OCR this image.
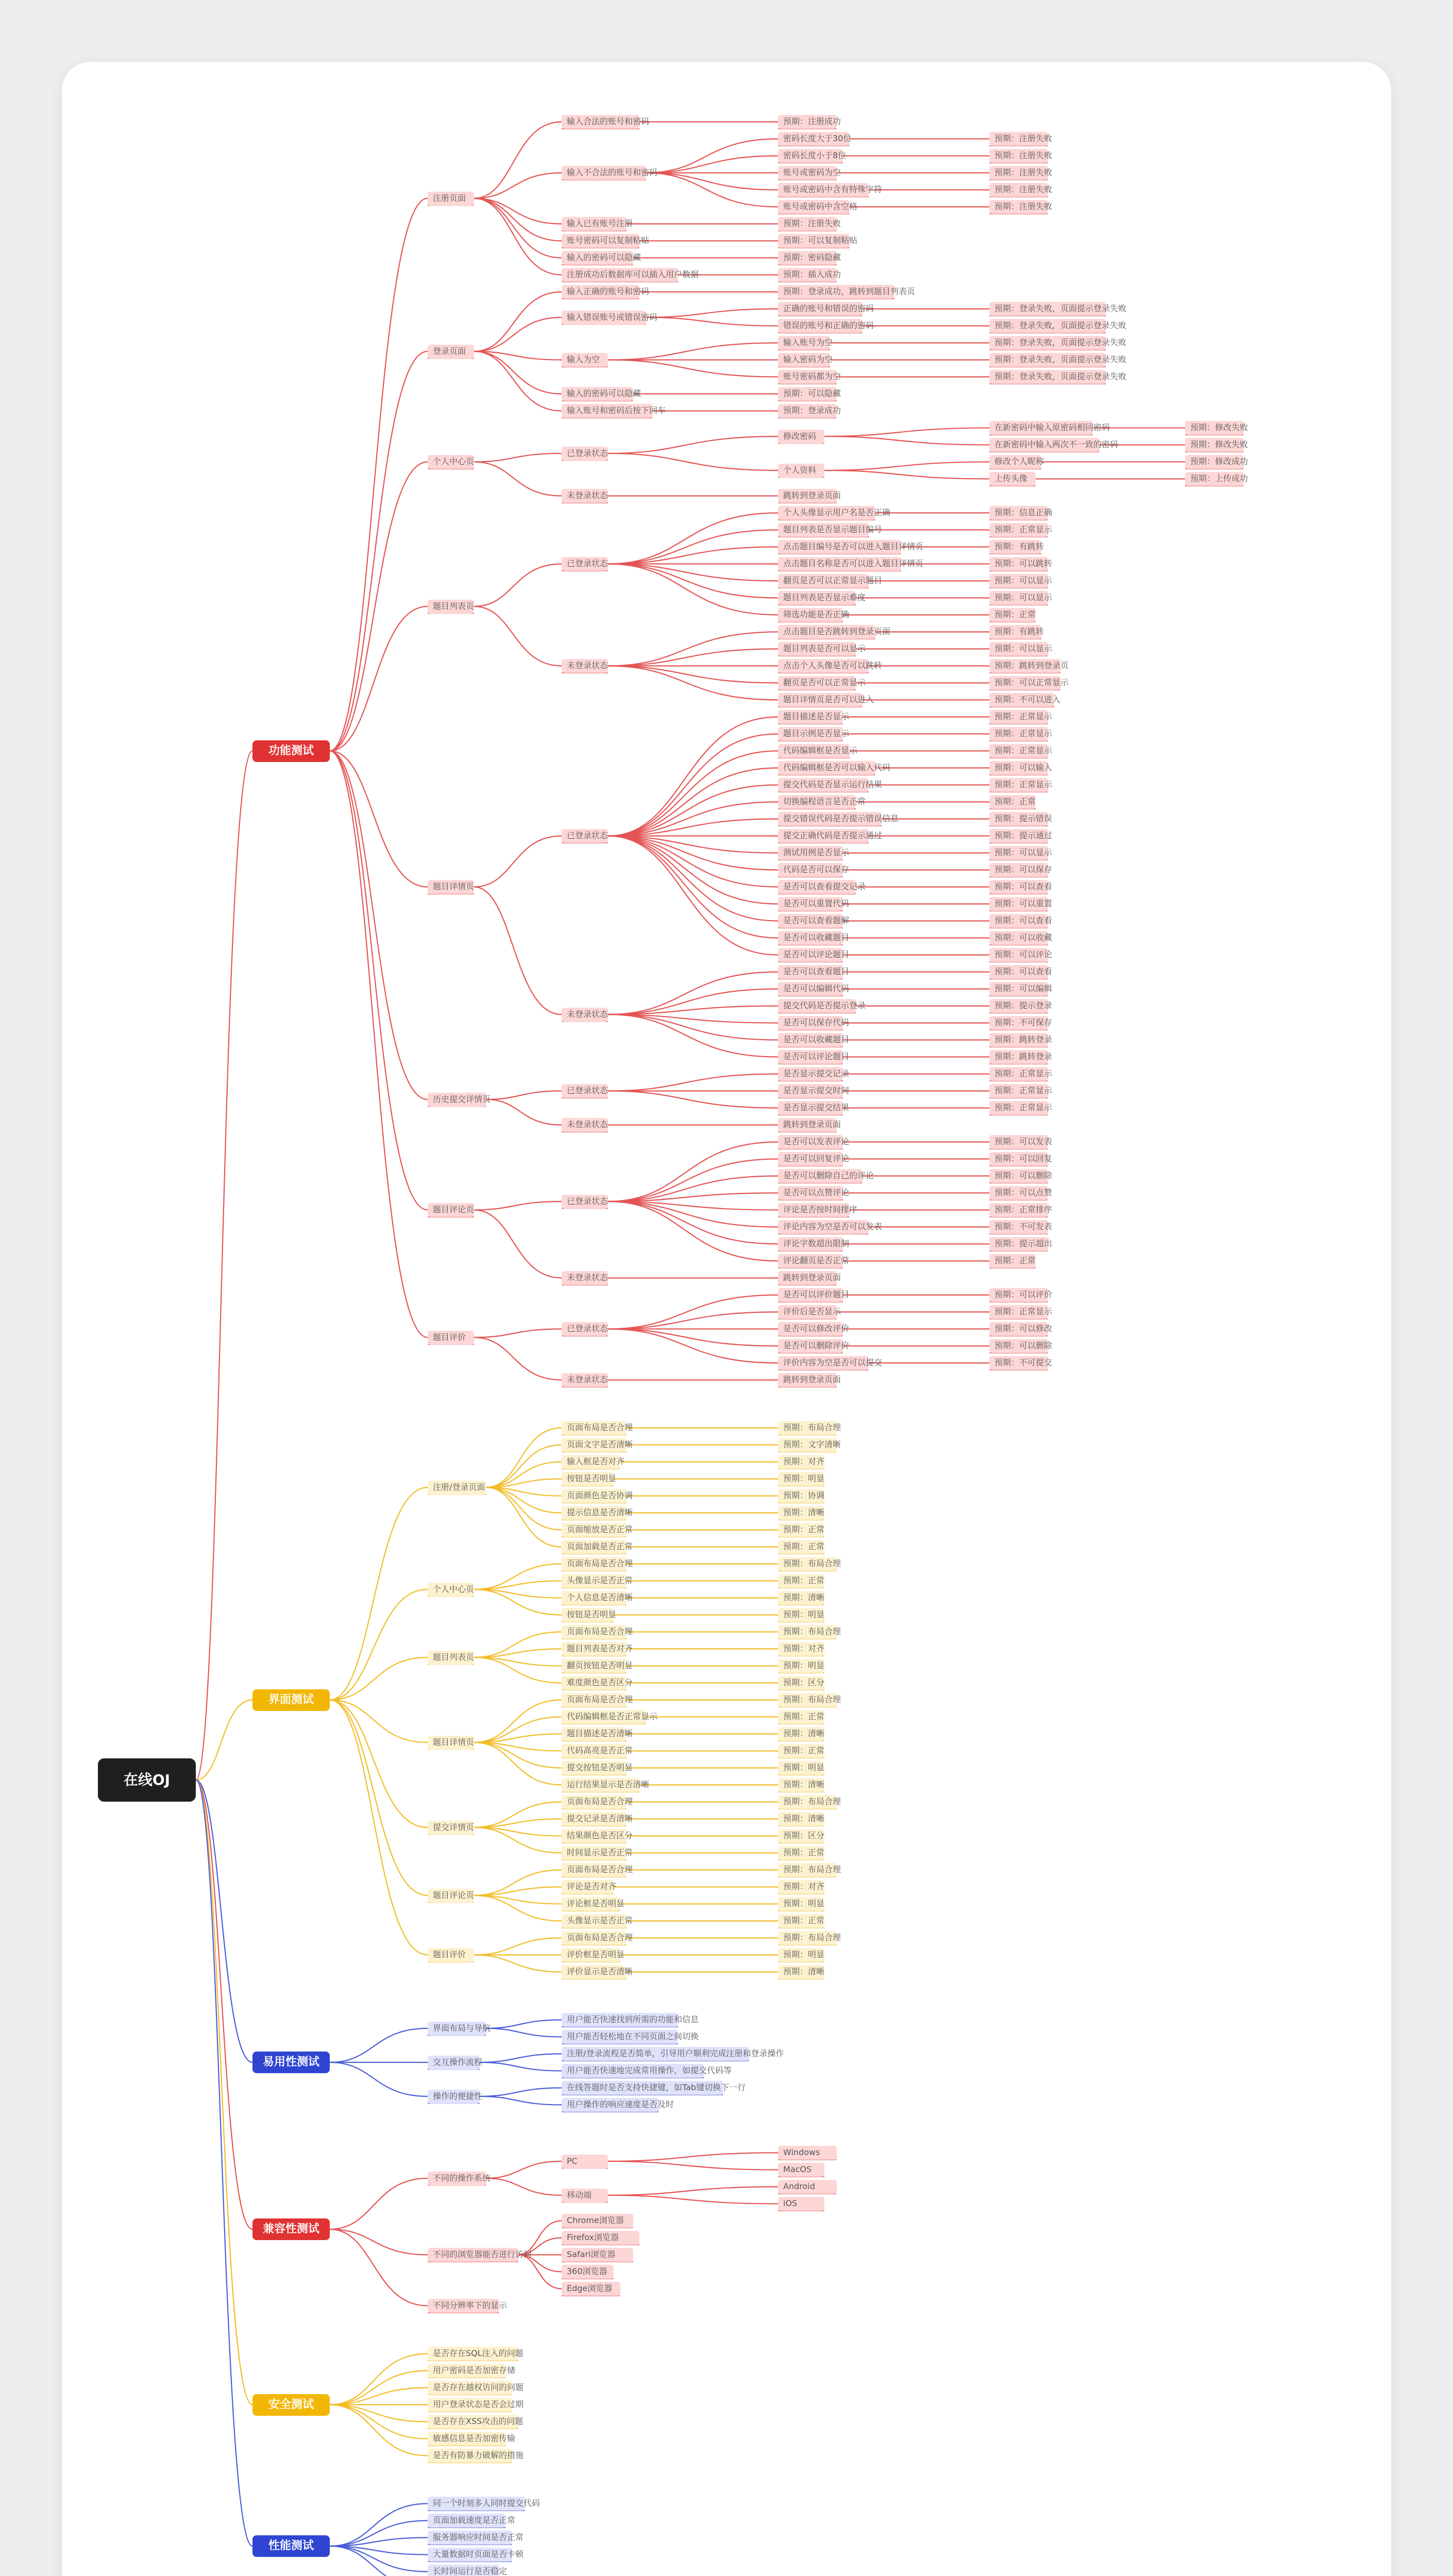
在线OJ
功能测试
注册页面
输入合法的账号和密码	预期：注册成功
输入不合法的账号和密码
密码长度大于30位	预期：注册失败
密码长度小于8位	预期：注册失败
账号或密码为空	预期：注册失败
账号或密码中含有特殊字符	预期：注册失败
账号或密码中含空格	预期：注册失败
输入已有账号注册	预期：注册失败
账号密码可以复制粘贴	预期：可以复制粘贴
输入的密码可以隐藏	预期：密码隐藏
注册成功后数据库可以插入用户数据	预期：插入成功
登录页面
输入正确的账号和密码	预期：登录成功，跳转到题目列表页
输入错误账号或错误密码
正确的账号和错误的密码	预期：登录失败，页面提示登录失败
错误的账号和正确的密码	预期：登录失败，页面提示登录失败
输入为空
输入账号为空	预期：登录失败，页面提示登录失败
输入密码为空	预期：登录失败，页面提示登录失败
账号密码都为空	预期：登录失败，页面提示登录失败
输入的密码可以隐藏	预期：可以隐藏
输入账号和密码后按下回车	预期：登录成功
个人中心页
已登录状态
修改密码
在新密码中输入原密码相同密码	预期：修改失败
在新密码中输入两次不一致的密码	预期：修改失败
个人资料
修改个人昵称	预期：修改成功
上传头像	预期：上传成功
未登录状态	跳转到登录页面
题目列表页
已登录状态
个人头像显示用户名是否正确	预期：信息正确
题目列表是否显示题目编号	预期：正常显示
点击题目编号是否可以进入题目详情页	预期：有跳转
点击题目名称是否可以进入题目详情页	预期：可以跳转
翻页是否可以正常显示题目	预期：可以显示
题目列表是否显示难度	预期：可以显示
筛选功能是否正确	预期：正常
未登录状态
点击题目是否跳转到登录页面	预期：有跳转
题目列表是否可以显示	预期：可以显示
点击个人头像是否可以跳转	预期：跳转到登录页
翻页是否可以正常显示	预期：可以正常显示
题目详情页是否可以进入	预期：不可以进入
题目详情页
已登录状态
题目描述是否显示	预期：正常显示
题目示例是否显示	预期：正常显示
代码编辑框是否显示	预期：正常显示
代码编辑框是否可以输入代码	预期：可以输入
提交代码是否显示运行结果	预期：正常显示
切换编程语言是否正常	预期：正常
提交错误代码是否提示错误信息	预期：提示错误
提交正确代码是否提示通过	预期：提示通过
测试用例是否显示	预期：可以显示
代码是否可以保存	预期：可以保存
是否可以查看提交记录	预期：可以查看
是否可以重置代码	预期：可以重置
是否可以查看题解	预期：可以查看
是否可以收藏题目	预期：可以收藏
是否可以评论题目	预期：可以评论
未登录状态
是否可以查看题目	预期：可以查看
是否可以编辑代码	预期：可以编辑
提交代码是否提示登录	预期：提示登录
是否可以保存代码	预期：不可保存
是否可以收藏题目	预期：跳转登录
是否可以评论题目	预期：跳转登录
历史提交详情页
已登录状态
是否显示提交记录	预期：正常显示
是否显示提交时间	预期：正常显示
是否显示提交结果	预期：正常显示
未登录状态	跳转到登录页面
题目评论页
已登录状态
是否可以发表评论	预期：可以发表
是否可以回复评论	预期：可以回复
是否可以删除自己的评论	预期：可以删除
是否可以点赞评论	预期：可以点赞
评论是否按时间排序	预期：正常排序
评论内容为空是否可以发表	预期：不可发表
评论字数超出限制	预期：提示超出
评论翻页是否正常	预期：正常
未登录状态	跳转到登录页面
题目评价
已登录状态
是否可以评价题目	预期：可以评价
评价后是否显示	预期：正常显示
是否可以修改评价	预期：可以修改
是否可以删除评价	预期：可以删除
评价内容为空是否可以提交	预期：不可提交
未登录状态	跳转到登录页面
界面测试
注册/登录页面
页面布局是否合理	预期：布局合理
页面文字是否清晰	预期：文字清晰
输入框是否对齐	预期：对齐
按钮是否明显	预期：明显
页面颜色是否协调	预期：协调
提示信息是否清晰	预期：清晰
页面缩放是否正常	预期：正常
页面加载是否正常	预期：正常
个人中心页
页面布局是否合理	预期：布局合理
头像显示是否正常	预期：正常
个人信息是否清晰	预期：清晰
按钮是否明显	预期：明显
题目列表页
页面布局是否合理	预期：布局合理
题目列表是否对齐	预期：对齐
翻页按钮是否明显	预期：明显
难度颜色是否区分	预期：区分
题目详情页
页面布局是否合理	预期：布局合理
代码编辑框是否正常显示	预期：正常
题目描述是否清晰	预期：清晰
代码高亮是否正常	预期：正常
提交按钮是否明显	预期：明显
运行结果显示是否清晰	预期：清晰
提交详情页
页面布局是否合理	预期：布局合理
提交记录是否清晰	预期：清晰
结果颜色是否区分	预期：区分
时间显示是否正常	预期：正常
题目评论页
页面布局是否合理	预期：布局合理
评论是否对齐	预期：对齐
评论框是否明显	预期：明显
头像显示是否正常	预期：正常
题目评价
页面布局是否合理	预期：布局合理
评价框是否明显	预期：明显
评价显示是否清晰	预期：清晰
易用性测试
界面布局与导航
用户能否快速找到所需的功能和信息
用户能否轻松地在不同页面之间切换
交互操作流程
注册/登录流程是否简单，引导用户顺利完成注册和登录操作
用户能否快速地完成常用操作，如提交代码等
操作的便捷性
在线答题时是否支持快捷键，如Tab键切换下一行
用户操作的响应速度是否及时
兼容性测试
不同的操作系统
PC
Windows
MacOS
移动端
Android
iOS
不同的浏览器能否进行访问
Chrome浏览器
Firefox浏览器
Safari浏览器
360浏览器
Edge浏览器
不同分辨率下的显示
安全测试
是否存在SQL注入的问题
用户密码是否加密存储
是否存在越权访问的问题
用户登录状态是否会过期
是否存在XSS攻击的问题
敏感信息是否加密传输
是否有防暴力破解的措施
性能测试
同一个时刻多人同时提交代码
页面加载速度是否正常
服务器响应时间是否正常
大量数据时页面是否卡顿
长时间运行是否稳定
